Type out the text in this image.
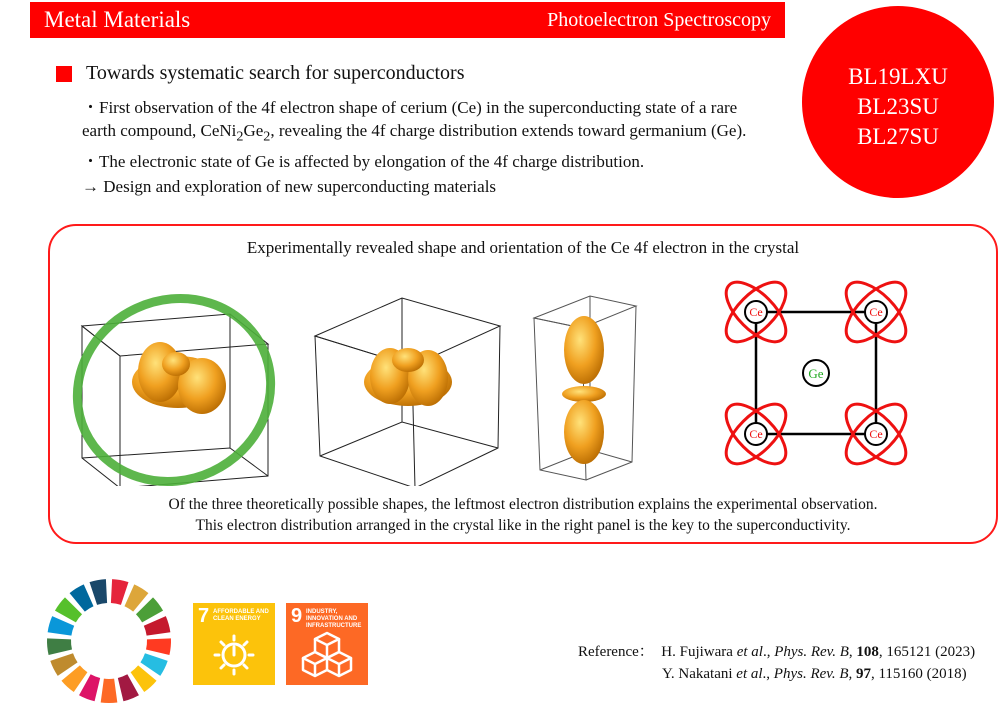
Metal Materials	Photoelectron Spectroscopy
BL19LXU
BL23SU
BL27SU
Towards systematic search for superconductors

・First observation of the 4f electron shape of cerium (Ce) in the superconducting state of a rare earth compound, $CeNi_2Ge_2$, revealing the 4f charge distribution extends toward germanium (Ge).

・The electronic state of Ge is affected by elongation of the 4f charge distribution.

→ Design and exploration of new superconducting materials

Experimentally revealed shape and orientation of the Ce 4f electron in the crystal
Ce	Ce
Ce	Ce
Ge
Of the three theoretically possible shapes, the leftmost electron distribution explains the experimental observation.
This electron distribution arranged in the crystal like in the right panel is the key to the superconductivity.
7 AFFORDABLE AND CLEAN ENERGY	9 INDUSTRY, INNOVATION AND INFRASTRUCTURE
Reference： H. Fujiwara et al., Phys. Rev. B, 108, 165121 (2023)
Y. Nakatani et al., Phys. Rev. B, 97, 115160 (2018)
